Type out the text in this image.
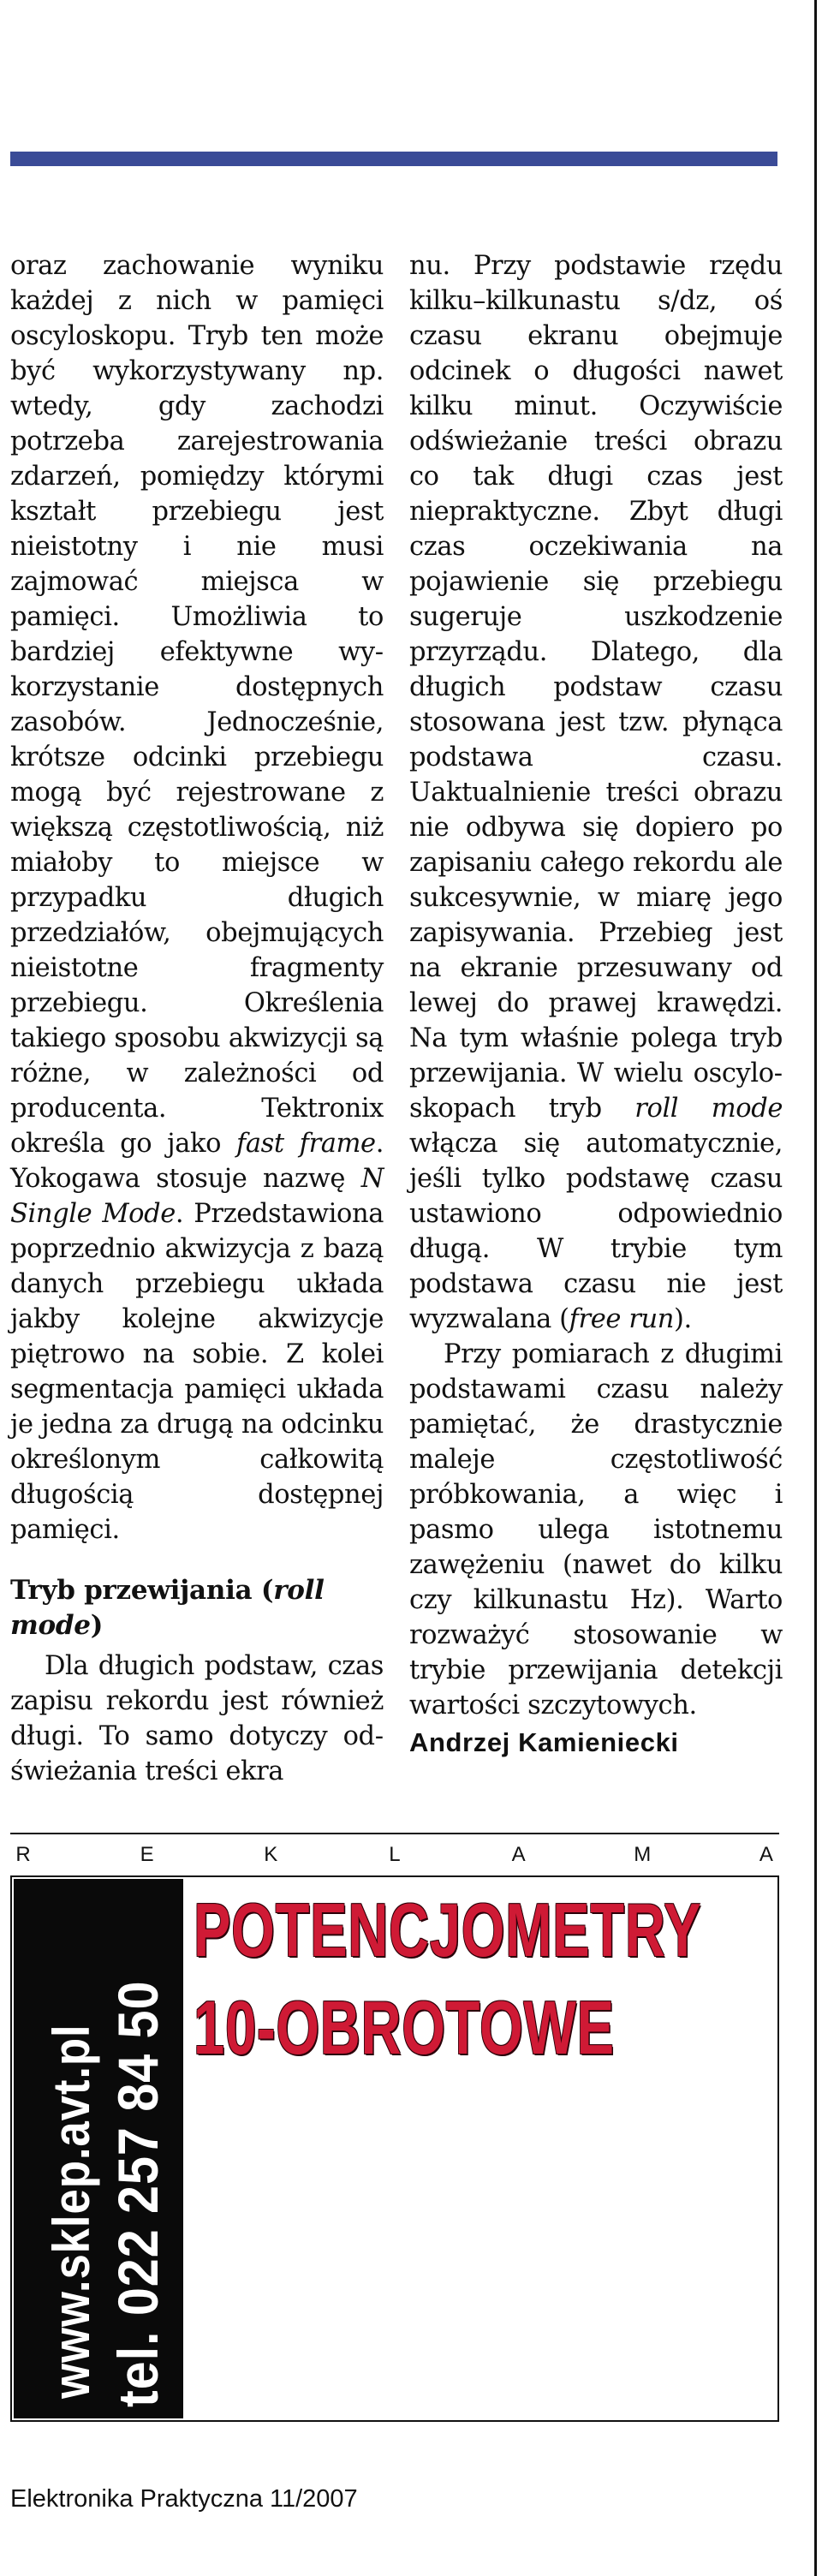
oraz zachowanie wyniku każdej z nich w pamięci oscyloskopu. Tryb ten może być wykorzystywany np. wtedy, gdy zachodzi potrzeba zarejestrowania zdarzeń, pomiędzy którymi kształt przebiegu jest nieistotny i nie musi zajmować miejsca w pamięci. Umożliwia to bardziej efektywne wykorzystanie dostępnych zasobów. Jednocześnie, krótsze odcinki przebiegu mogą być rejestrowane z większą częstotliwością, niż miałoby to miejsce w przypadku długich przedziałów, obejmujących nieistotne fragmenty przebiegu. Określenia takiego sposobu akwizycji są różne, w zależności od producenta. Tektronix określa go jako fast frame. Yokogawa stosuje nazwę N Single Mode. Przedstawiona poprzednio akwizycja z bazą danych przebiegu układa jakby kolejne akwizycje piętrowo na sobie. Z kolei segmentacja pamięci układa je jedna za drugą na odcinku określonym całkowitą długością dostępnej pamięci.

Tryb przewijania (roll mode)

Dla długich podstaw, czas zapisu rekordu jest również długi. To samo dotyczy odświeżania treści ekra

nu. Przy podstawie rzędu kilku–kilkunastu s/dz, oś czasu ekranu obejmuje odcinek o długości nawet kilku minut. Oczywiście odświeżanie treści obrazu co tak długi czas jest niepraktyczne. Zbyt długi czas oczekiwania na pojawienie się przebiegu sugeruje uszkodzenie przyrządu. Dlatego, dla długich podstaw czasu stosowana jest tzw. płynąca podstawa czasu. Uaktualnienie treści obrazu nie odbywa się dopiero po zapisaniu całego rekordu ale sukcesywnie, w miarę jego zapisywania. Przebieg jest na ekranie przesuwany od lewej do prawej krawędzi. Na tym właśnie polega tryb przewijania. W wielu oscyloskopach tryb roll mode włącza się automatycznie, jeśli tylko podstawę czasu ustawiono odpowiednio długą. W trybie tym podstawa czasu nie jest wyzwalana (free run).

Przy pomiarach z długimi podstawami czasu należy pamiętać, że drastycznie maleje częstotliwość próbkowania, a więc i pasmo ulega istotnemu zawężeniu (nawet do kilku czy kilkunastu Hz). Warto rozważyć stosowanie w trybie przewijania detekcji wartości szczytowych.

Andrzej Kamieniecki
R	E	K	L	A	M	A
www.sklep.avt.pl tel. 022 257 84 50
POTENCJOMETRY
10-OBROTOWE
Elektronika Praktyczna 11/2007
